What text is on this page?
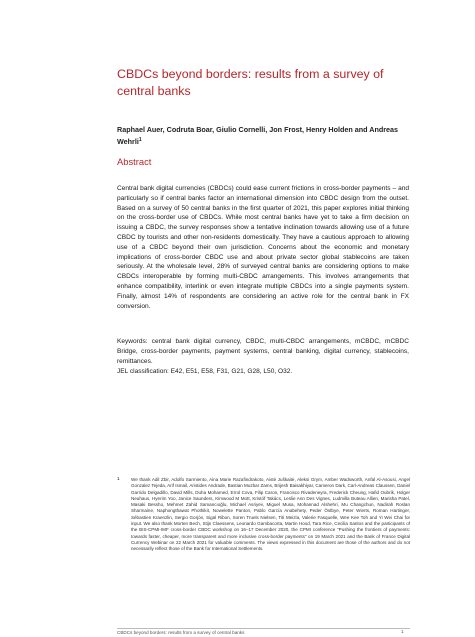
CBDCs beyond borders: results from a survey of central banks
Raphael Auer, Codruta Boar, Giulio Cornelli, Jon Frost, Henry Holden and Andreas Wehrli$^1$
Abstract

Central bank digital currencies (CBDCs) could ease current frictions in cross-border payments – and particularly so if central banks factor an international dimension into CBDC design from the outset. Based on a survey of 50 central banks in the first quarter of 2021, this paper explores initial thinking on the cross-border use of CBDCs. While most central banks have yet to take a firm decision on issuing a CBDC, the survey responses show a tentative inclination towards allowing use of a future CBDC by tourists and other non-residents domestically. They have a cautious approach to allowing use of a CBDC beyond their own jurisdiction. Concerns about the economic and monetary implications of cross-border CBDC use and about private sector global stablecoins are taken seriously. At the wholesale level, 28% of surveyed central banks are considering options to make CBDCs interoperable by forming multi-CBDC arrangements. This involves arrangements that enhance compatibility, interlink or even integrate multiple CBDCs into a single payments system. Finally, almost 14% of respondents are considering an active role for the central bank in FX conversion.

Keywords: central bank digital currency, CBDC, multi-CBDC arrangements, mCBDC, mCBDC Bridge, cross-border payments, payment systems, central banking, digital currency, stablecoins, remittances.

JEL classification: E42, E51, E58, F31, G21, G28, L50, O32.

1 We thank Adil Zbir, Adolfo Sarmiento, Aina Marie Razafindrakoto, Aistė Juškaitė, Aleksi Grym, Amber Wadsworth, Anfal Al-Asousi, Angel Gonzalez Tejeda, Arif Ismail, Aristides Andrade, Bastian Muzbar Zams, Brijesh Baisakhiyar, Cameron Dark, Carl-Andreas Claussen, Daniel Garrido Delgadillo, David Mills, Duha Mohamed, Errol Cova, Filip Caron, Francisco Rivadeneyra, Frederick Cheung, Hafid Oubrik, Holger Neuhaus, Hyerim Yoo, Janice Saunders, Kimwood M Mott, Kristóf Takács, Leslie Ann Des Vignes, Ludmilla Buteau Allien, Marisha Patel, Masaki Bessho, Mehmet Zahid Samancıoğlu, Michael Asriyev, Miguel Musa, Mohannad Alshehri, Mu Changchun, Nadirah Roslan Sharmaine, Naphongthawat Phothikit, Nowelette Panton, Pablo García Anabehety, Peder Östbye, Peter Wierts, Roman Hartinger, Sébastien Kraenzlin, Sergio Gorjón, Sigal Ribon, Soren Truels Nielsen, Titi Meizla, Valerie Fasquelle, Wee Kee Toh and Yi Wei Chai for input. We also thank Morten Bech, Stijn Claessens, Leonardo Gambacorta, Martin Hood, Tara Rice, Cecilia Santos and the participants of the BIS-CPMI-IMF cross-border CBDC workshop on 16–17 December 2020, the CPMI conference “Pushing the frontiers of payments: towards faster, cheaper, more transparent and more inclusive cross-border payments” on 19 March 2021 and the Bank of France Digital Currency Webinar on 22 March 2021 for valuable comments. The views expressed in this document are those of the authors and do not necessarily reflect those of the Bank for International Settlements.

CBDCs beyond borders: results from a survey of central banks	1
